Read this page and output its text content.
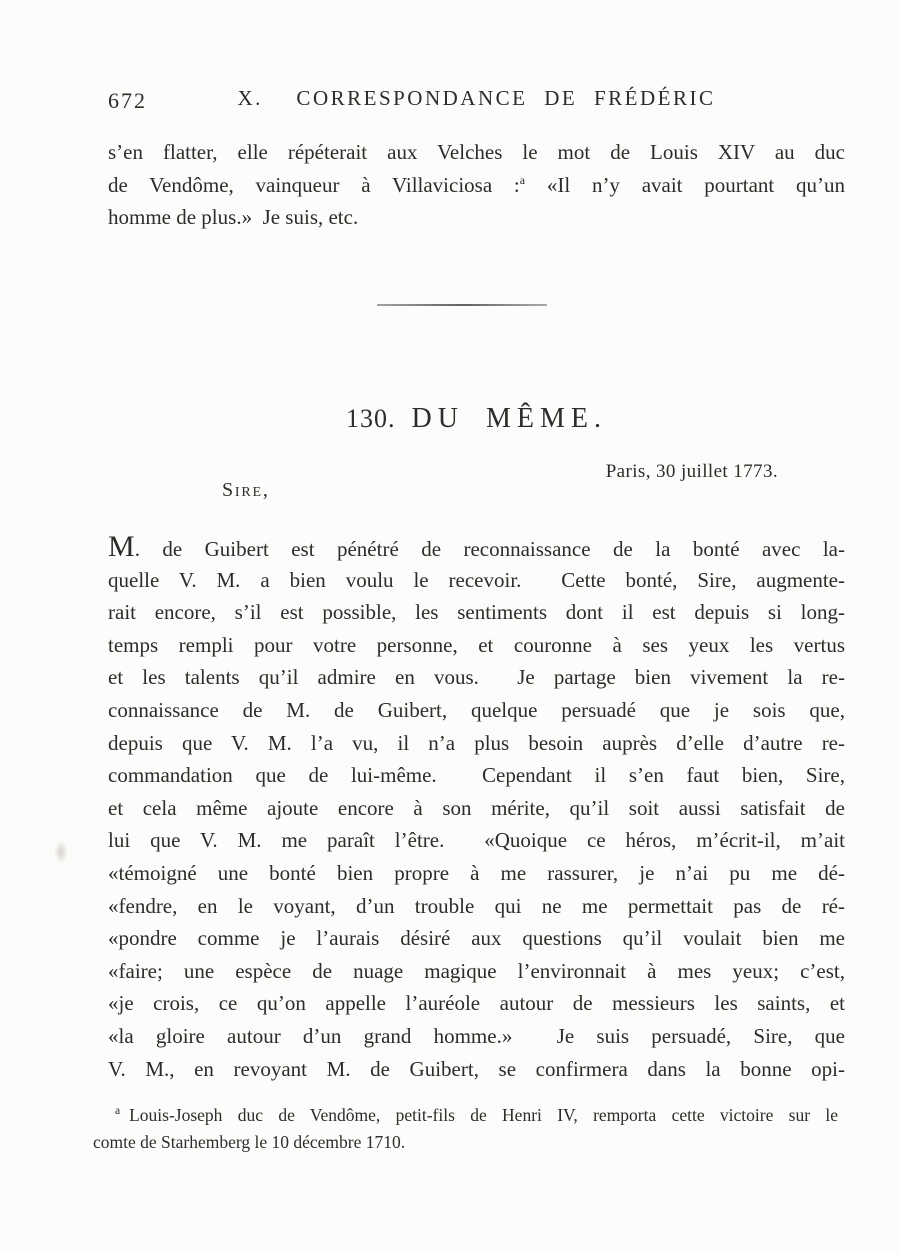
672	X.  CORRESPONDANCE DE FRÉDÉRIC
s’en flatter, elle répéterait aux Velches le mot de Louis XIV au duc
de Vendôme, vainqueur à Villaviciosa :$^a$ «Il n’y avait pourtant qu’un
homme de plus.»  Je suis, etc.
130. DU MÊME.
Paris, 30 juillet 1773.
Sire,
M. de Guibert est pénétré de reconnaissance de la bonté avec la-
quelle V. M. a bien voulu le recevoir.  Cette bonté, Sire, augmente-
rait encore, s’il est possible, les sentiments dont il est depuis si long-
temps rempli pour votre personne, et couronne à ses yeux les vertus
et les talents qu’il admire en vous.  Je partage bien vivement la re-
connaissance de M. de Guibert, quelque persuadé que je sois que,
depuis que V. M. l’a vu, il n’a plus besoin auprès d’elle d’autre re-
commandation que de lui-même.  Cependant il s’en faut bien, Sire,
et cela même ajoute encore à son mérite, qu’il soit aussi satisfait de
lui que V. M. me paraît l’être.  «Quoique ce héros, m’écrit-il, m’ait
«témoigné une bonté bien propre à me rassurer, je n’ai pu me dé-
«fendre, en le voyant, d’un trouble qui ne me permettait pas de ré-
«pondre comme je l’aurais désiré aux questions qu’il voulait bien me
«faire; une espèce de nuage magique l’environnait à mes yeux; c’est,
«je crois, ce qu’on appelle l’auréole autour de messieurs les saints, et
«la gloire autour d’un grand homme.»  Je suis persuadé, Sire, que
V. M., en revoyant M. de Guibert, se confirmera dans la bonne opi-
$^a$ Louis-Joseph duc de Vendôme, petit-fils de Henri IV, remporta cette victoire sur le
comte de Starhemberg le 10 décembre 1710.
